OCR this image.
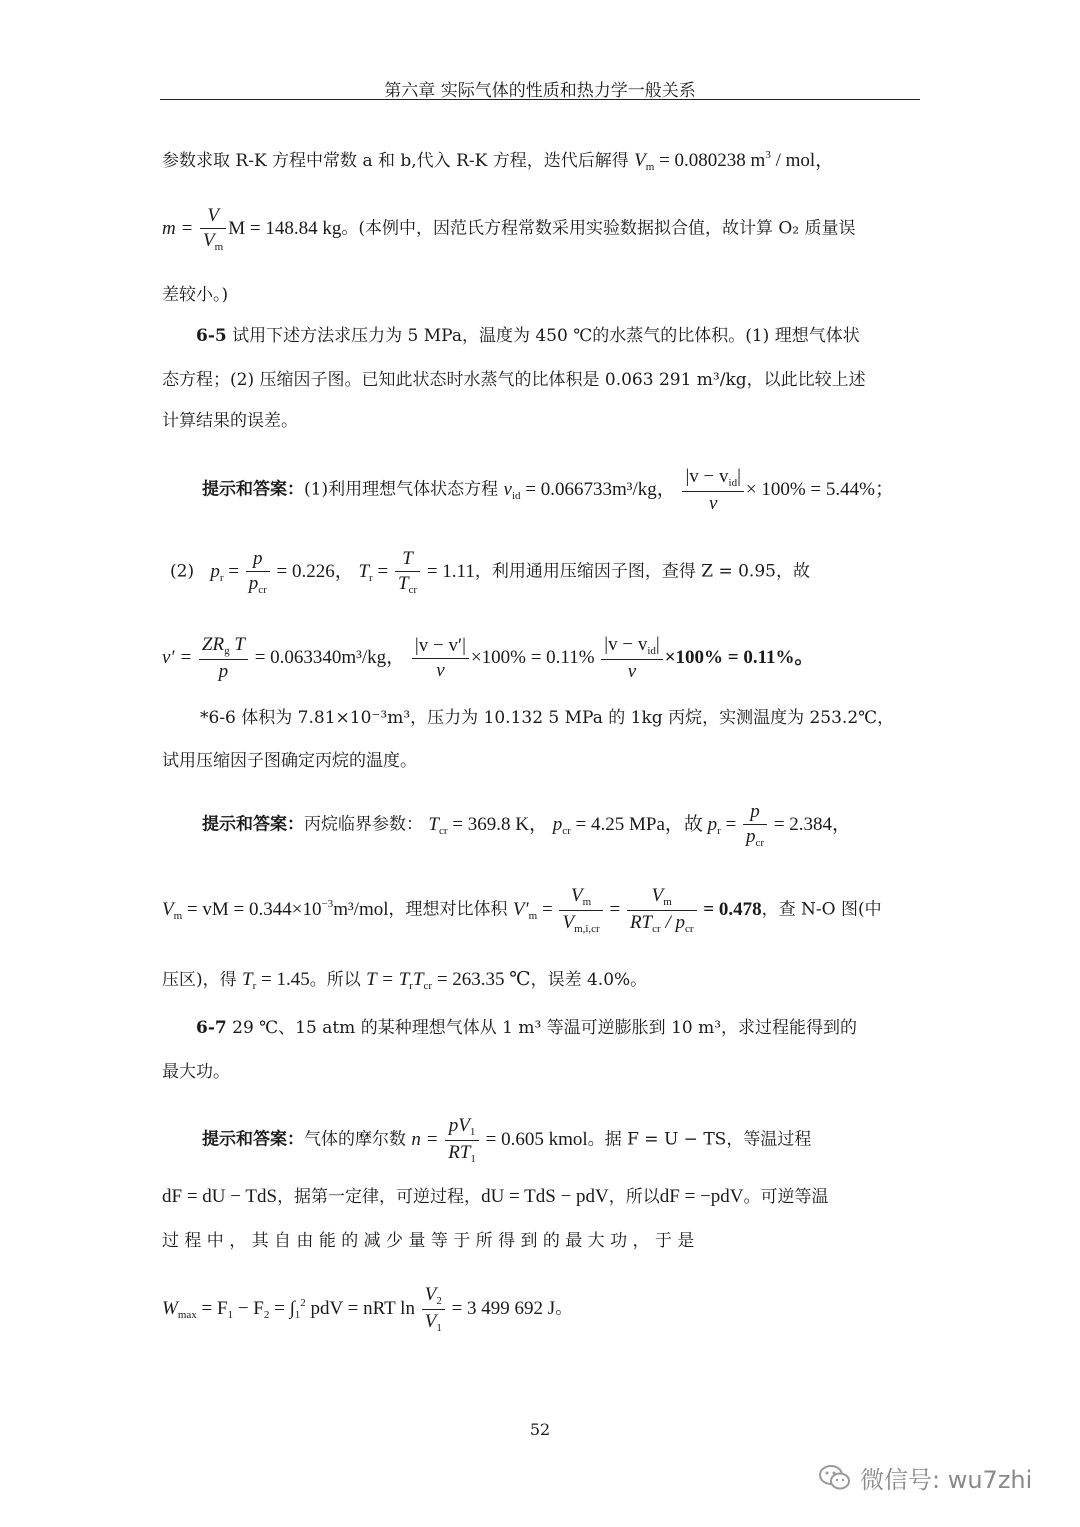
第六章 实际气体的性质和热力学一般关系
参数求取 R-K 方程中常数 a 和 b,代入 R-K 方程，迭代后解得 $V_m = 0.080238$ $m^3$ / mol，
$m = \frac{V}{V_m}$ M = 148.84 kg。(本例中，因范氏方程常数采用实验数据拟合值，故计算 O₂ 质量误
差较小。)
6-5 试用下述方法求压力为 5 MPa，温度为 450 ℃的水蒸气的比体积。(1) 理想气体状
态方程；(2) 压缩因子图。已知此状态时水蒸气的比体积是 0.063 291 m³/kg，以此比较上述
计算结果的误差。
提示和答案：(1)利用理想气体状态方程 $v_{id} = 0.066733m^3/kg$， $\frac{|v - v_{id}|}{v} \times 100\% = 5.44\%$；
(2) $p_r = \frac{p}{p_{cr}} = 0.226$， $T_r = \frac{T}{T_{cr}} = 1.11$，利用通用压缩因子图，查得 Z = 0.95，故
$v' = \frac{ZR_g T}{p} = 0.063340m^3/kg$， $\frac{|v - v'|}{v} \times 100\% = 0.11\% \frac{|v - v_{id}|}{v} \times 100\% = 0.11\%$。
*6-6 体积为 7.81×10⁻³m³，压力为 10.132 5 MPa 的 1kg 丙烷，实测温度为 253.2℃，
试用压缩因子图确定丙烷的温度。
提示和答案：丙烷临界参数： $T_{cr} = 369.8$ K， $p_{cr} = 4.25$ MPa，故 $p_r = \frac{p}{p_{cr}} = 2.384$，
$V_m$ = vM = $0.344\times 10^{-3}m^3$/mol，理想对比体积 $V'_m = \frac{V_m}{V_{m,i,cr}} = \frac{V_m}{RT_{cr} / p_{cr}} = 0.478$，查 N-O 图(中
压区)，得 $T_r = 1.45$。所以 $T = T_rT_{cr} = 263.35$ ℃，误差 4.0%。
6-7 29 ℃、15 atm 的某种理想气体从 1 m³ 等温可逆膨胀到 10 m³，求过程能得到的
最大功。
提示和答案：气体的摩尔数 $n = \frac{pV_1}{RT_1} = 0.605$ kmol。据 F = U − TS，等温过程
dF = dU − TdS，据第一定律，可逆过程，dU = TdS − pdV，所以dF = −pdV。可逆等温
过 程 中 ， 其 自 由 能 的 减 少 量 等 于 所 得 到 的 最 大 功 ， 于 是
$W_{max} = F_1 - F_2 = \int_1^2$ pdV = nRT $\ln \frac{V_2}{V_1} = 3$ 499 692 J。
52
微信号: wu7zhi
